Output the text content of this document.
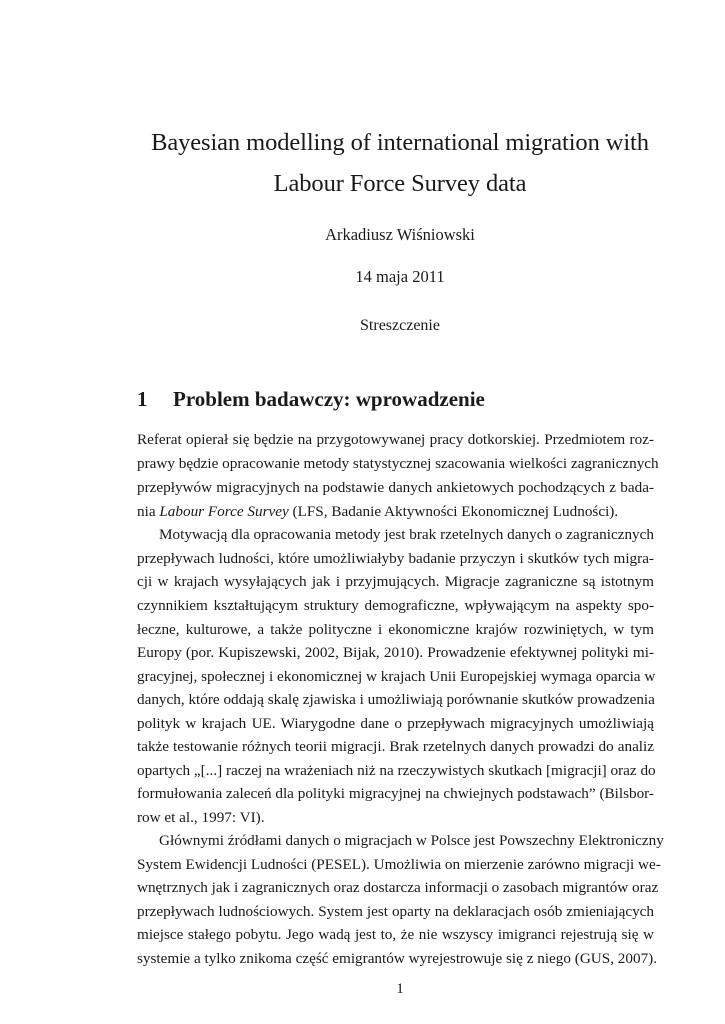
Bayesian modelling of international migration with
Labour Force Survey data
Arkadiusz Wiśniowski
14 maja 2011
Streszczenie
1 Problem badawczy: wprowadzenie
Referat opierał się będzie na przygotowywanej pracy dotkorskiej. Przedmiotem roz-
prawy będzie opracowanie metody statystycznej szacowania wielkości zagranicznych
przepływów migracyjnych na podstawie danych ankietowych pochodzących z bada-
nia Labour Force Survey (LFS, Badanie Aktywności Ekonomicznej Ludności).
Motywacją dla opracowania metody jest brak rzetelnych danych o zagranicznych
przepływach ludności, które umożliwiałyby badanie przyczyn i skutków tych migra-
cji w krajach wysyłających jak i przyjmujących. Migracje zagraniczne są istotnym
czynnikiem kształtującym struktury demograficzne, wpływającym na aspekty spo-
łeczne, kulturowe, a także polityczne i ekonomiczne krajów rozwiniętych, w tym
Europy (por. Kupiszewski, 2002, Bijak, 2010). Prowadzenie efektywnej polityki mi-
gracyjnej, społecznej i ekonomicznej w krajach Unii Europejskiej wymaga oparcia w
danych, które oddają skalę zjawiska i umożliwiają porównanie skutków prowadzenia
polityk w krajach UE. Wiarygodne dane o przepływach migracyjnych umożliwiają
także testowanie różnych teorii migracji. Brak rzetelnych danych prowadzi do analiz
opartych „[...] raczej na wrażeniach niż na rzeczywistych skutkach [migracji] oraz do
formułowania zaleceń dla polityki migracyjnej na chwiejnych podstawach” (Bilsbor-
row et al., 1997: VI).
Głównymi źródłami danych o migracjach w Polsce jest Powszechny Elektroniczny
System Ewidencji Ludności (PESEL). Umożliwia on mierzenie zarówno migracji we-
wnętrznych jak i zagranicznych oraz dostarcza informacji o zasobach migrantów oraz
przepływach ludnościowych. System jest oparty na deklaracjach osób zmieniających
miejsce stałego pobytu. Jego wadą jest to, że nie wszyscy imigranci rejestrują się w
systemie a tylko znikoma część emigrantów wyrejestrowuje się z niego (GUS, 2007).
1
